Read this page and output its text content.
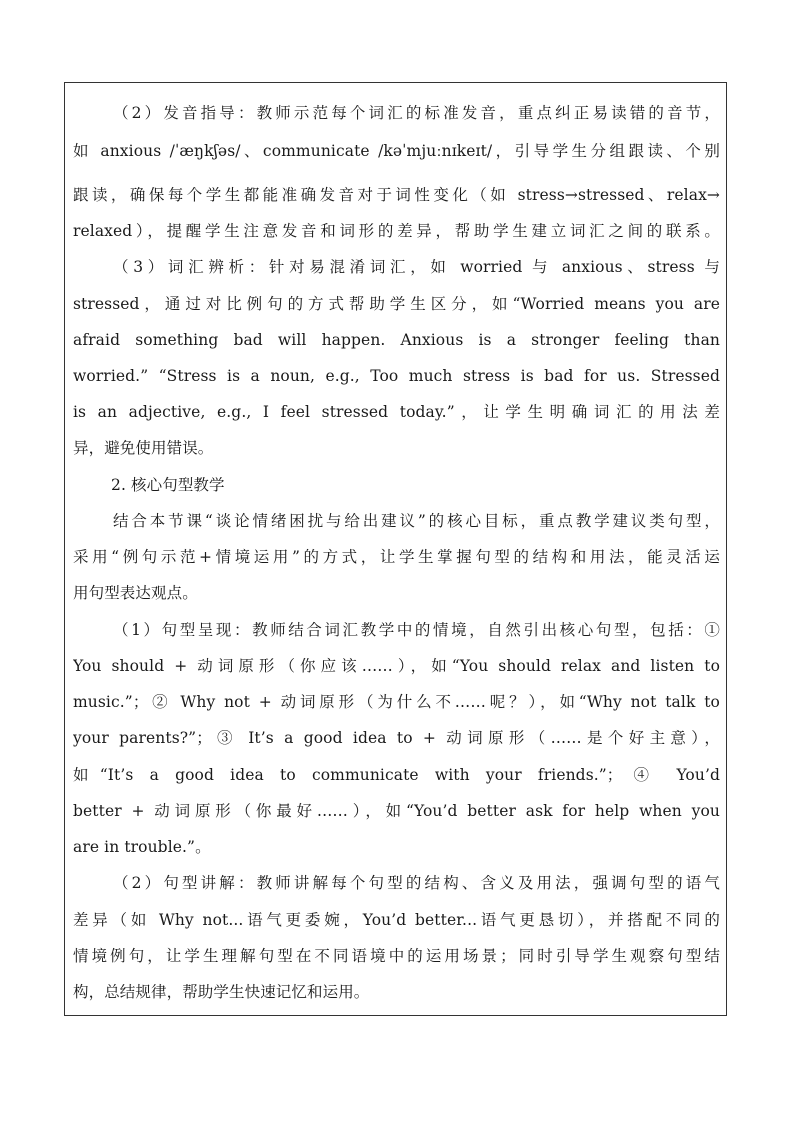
（2）发音指导：教师示范每个词汇的标准发音，重点纠正易读错的音节，
如 anxious /ˈæŋkʃəs/、communicate /kəˈmjuːnɪkeɪt/，引导学生分组跟读、个别
跟读，确保每个学生都能准确发音对于词性变化（如 stress→stressed、relax→
relaxed），提醒学生注意发音和词形的差异，帮助学生建立词汇之间的联系。
（3）词汇辨析：针对易混淆词汇，如 worried 与 anxious、stress 与
stressed，通过对比例句的方式帮助学生区分，如“Worried means you are
afraid something bad will happen. Anxious is a stronger feeling than
worried.” “Stress is a noun, e.g., Too much stress is bad for us. Stressed
is an adjective, e.g., I feel stressed today.”，让学生明确词汇的用法差
异，避免使用错误。
2. 核心句型教学
结合本节课“谈论情绪困扰与给出建议”的核心目标，重点教学建议类句型，
采用“例句示范+情境运用”的方式，让学生掌握句型的结构和用法，能灵活运
用句型表达观点。
（1）句型呈现：教师结合词汇教学中的情境，自然引出核心句型，包括：①
You should + 动词原形（你应该……），如“You should relax and listen to
music.”；② Why not + 动词原形（为什么不……呢？），如“Why not talk to
your parents?”；③ It’s a good idea to + 动词原形（……是个好主意），
如“It’s a good idea to communicate with your friends.”；④ You’d
better + 动词原形（你最好……），如“You’d better ask for help when you
are in trouble.”。
（2）句型讲解：教师讲解每个句型的结构、含义及用法，强调句型的语气
差异（如 Why not...语气更委婉，You’d better...语气更恳切），并搭配不同的
情境例句，让学生理解句型在不同语境中的运用场景；同时引导学生观察句型结
构，总结规律，帮助学生快速记忆和运用。
